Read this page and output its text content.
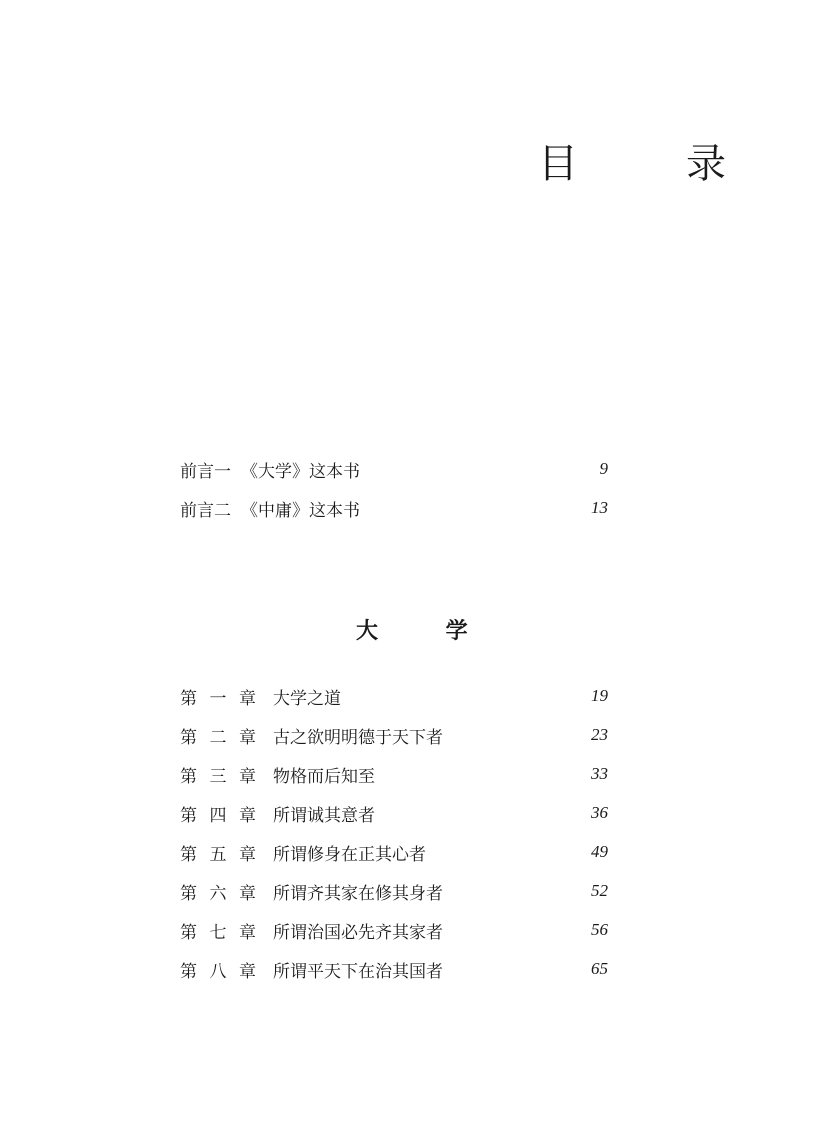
目　录
前言一 《大学》这本书	9
前言二 《中庸》这本书	13
大 学
第 一 章 大学之道	19
第 二 章 古之欲明明德于天下者	23
第 三 章 物格而后知至	33
第 四 章 所谓诚其意者	36
第 五 章 所谓修身在正其心者	49
第 六 章 所谓齐其家在修其身者	52
第 七 章 所谓治国必先齐其家者	56
第 八 章 所谓平天下在治其国者	65
